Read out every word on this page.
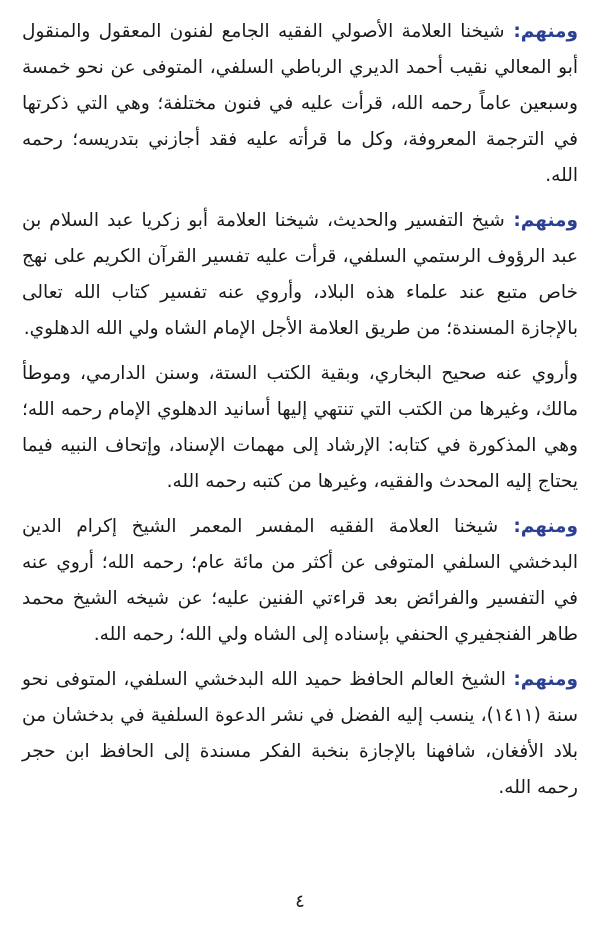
ومنهم: شيخنا العلامة الأصولي الفقيه الجامع لفنون المعقول والمنقول أبو المعالي نقيب أحمد الديري الرباطي السلفي، المتوفى عن نحو خمسة وسبعين عاماً رحمه الله، قرأت عليه في فنون مختلفة؛ وهي التي ذكرتها في الترجمة المعروفة، وكل ما قرأته عليه فقد أجازني بتدريسه؛ رحمه الله.

ومنهم: شيخ التفسير والحديث، شيخنا العلامة أبو زكريا عبد السلام بن عبد الرؤوف الرستمي السلفي، قرأت عليه تفسير القرآن الكريم على نهج خاص متبع عند علماء هذه البلاد، وأروي عنه تفسير كتاب الله تعالى بالإجازة المسندة؛ من طريق العلامة الأجل الإمام الشاه ولي الله الدهلوي.

وأروي عنه صحيح البخاري، وبقية الكتب الستة، وسنن الدارمي، وموطأ مالك، وغيرها من الكتب التي تنتهي إليها أسانيد الدهلوي الإمام رحمه الله؛ وهي المذكورة في كتابه: الإرشاد إلى مهمات الإسناد، وإتحاف النبيه فيما يحتاج إليه المحدث والفقيه، وغيرها من كتبه رحمه الله.

ومنهم: شيخنا العلامة الفقيه المفسر المعمر الشيخ إكرام الدين البدخشي السلفي المتوفى عن أكثر من مائة عام؛ رحمه الله؛ أروي عنه في التفسير والفرائض بعد قراءتي الفنين عليه؛ عن شيخه الشيخ محمد طاهر الفنجفيري الحنفي بإسناده إلى الشاه ولي الله؛ رحمه الله.

ومنهم: الشيخ العالم الحافظ حميد الله البدخشي السلفي، المتوفى نحو سنة (١٤١١)، ينسب إليه الفضل في نشر الدعوة السلفية في بدخشان من بلاد الأفغان، شافهنا بالإجازة بنخبة الفكر مسندة إلى الحافظ ابن حجر رحمه الله.

٤
